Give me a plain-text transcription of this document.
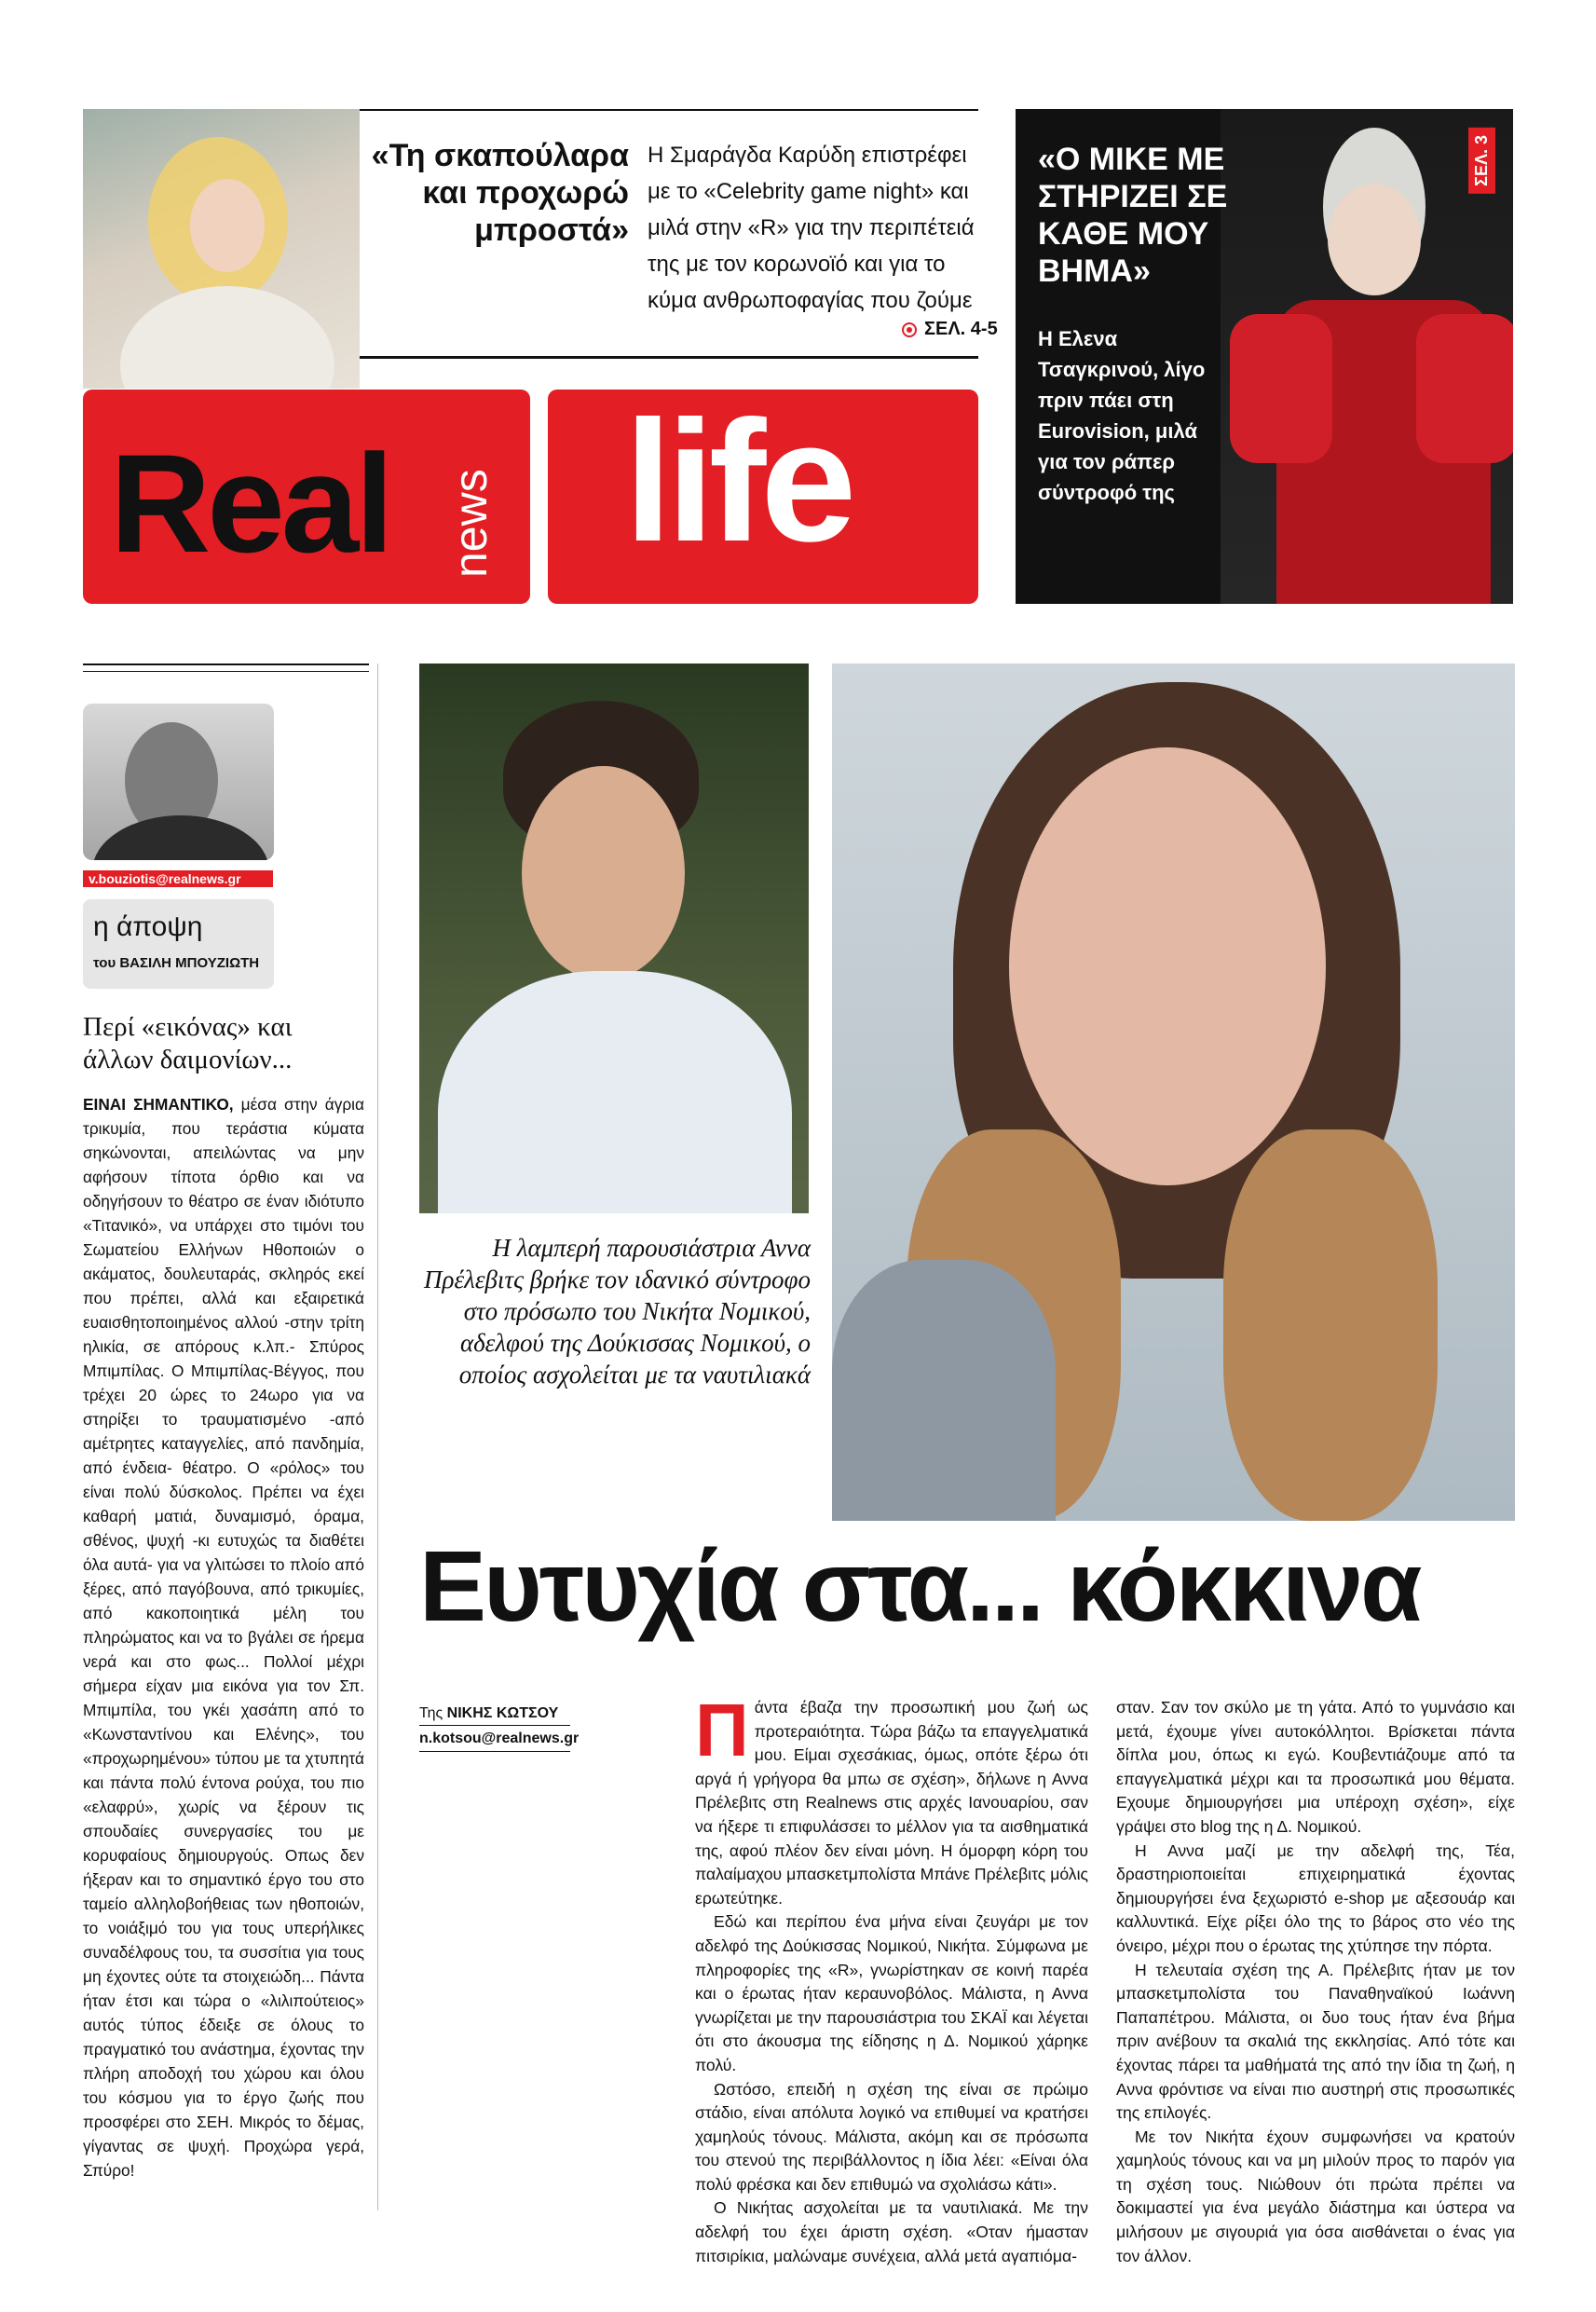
«Τη σκαπούλαρα και προχωρώ μπροστά»
Η Σμαράγδα Καρύδη επιστρέφει με το «Celebrity game night» και μιλά στην «R» για την περιπέτειά της με τον κορωνοϊό και για το κύμα ανθρωποφαγίας που ζούμε
ΣΕΛ. 4-5
Real news life
«Ο ΜΙΚΕ ΜΕ ΣΤΗΡΙΖΕΙ ΣΕ ΚΑΘΕ ΜΟΥ ΒΗΜΑ»
Η Ελενα Τσαγκρινού, λίγο πριν πάει στη Eurovision, μιλά για τον ράπερ σύντροφό της
ΣΕΛ. 3
v.bouziotis@realnews.gr
η άποψη
του ΒΑΣΙΛΗ ΜΠΟΥΖΙΩΤΗ
Περί «εικόνας» και άλλων δαιμονίων...
ΕΙΝΑΙ ΣΗΜΑΝΤΙΚΟ, μέσα στην άγρια τρικυμία, που τεράστια κύματα σηκώνονται, απειλώντας να μην αφήσουν τίποτα όρθιο και να οδηγήσουν το θέατρο σε έναν ιδιότυπο «Τιτανικό», να υπάρχει στο τιμόνι του Σωματείου Ελλήνων Ηθοποιών ο ακάματος, δουλευταράς, σκληρός εκεί που πρέπει, αλλά και εξαιρετικά ευαισθητοποιημένος αλλού -στην τρίτη ηλικία, σε απόρους κ.λπ.- Σπύρος Μπιμπίλας. Ο Μπιμπίλας-Βέγγος, που τρέχει 20 ώρες το 24ωρο για να στηρίξει το τραυματισμένο -από αμέτρητες καταγγελίες, από πανδημία, από ένδεια- θέατρο. Ο «ρόλος» του είναι πολύ δύσκολος. Πρέπει να έχει καθαρή ματιά, δυναμισμό, όραμα, σθένος, ψυχή -κι ευτυχώς τα διαθέτει όλα αυτά- για να γλιτώσει το πλοίο από ξέρες, από παγόβουνα, από τρικυμίες, από κακοποιητικά μέλη του πληρώματος και να το βγάλει σε ήρεμα νερά και στο φως... Πολλοί μέχρι σήμερα είχαν μια εικόνα για τον Σπ. Μπιμπίλα, του γκέι χασάπη από το «Κωνσταντίνου και Ελένης», του «προχωρημένου» τύπου με τα χτυπητά και πάντα πολύ έντονα ρούχα, του πιο «ελαφρύ», χωρίς να ξέρουν τις σπουδαίες συνεργασίες του με κορυφαίους δημιουργούς. Οπως δεν ήξεραν και το σημαντικό έργο του στο ταμείο αλληλοβοήθειας των ηθοποιών, το νοιάξιμό του για τους υπερήλικες συναδέλφους του, τα συσσίτια για τους μη έχοντες ούτε τα στοιχειώδη... Πάντα ήταν έτσι και τώρα ο «λιλιπούτειος» αυτός τύπος έδειξε σε όλους το πραγματικό του ανάστημα, έχοντας την πλήρη αποδοχή του χώρου και όλου του κόσμου για το έργο ζωής που προσφέρει στο ΣΕΗ. Μικρός το δέμας, γίγαντας σε ψυχή. Προχώρα γερά, Σπύρο!
Η λαμπερή παρουσιάστρια Αννα Πρέλεβιτς βρήκε τον ιδανικό σύντροφο στο πρόσωπο του Νικήτα Νομικού, αδελφού της Δούκισσας Νομικού, ο οποίος ασχολείται με τα ναυτιλιακά
Ευτυχία στα... κόκκινα
Της ΝΙΚΗΣ ΚΩΤΣΟΥ
n.kotsou@realnews.gr Π άντα έβαζα την προσωπική μου ζωή ως προτεραιότητα. Τώρα βάζω τα επαγγελματικά μου. Είμαι σχεσάκιας, όμως, οπότε ξέρω ότι αργά ή γρήγορα θα μπω σε σχέση», δήλωνε η Αννα Πρέλεβιτς στη Realnews στις αρχές Ιανουαρίου, σαν να ήξερε τι επιφυλάσσει το μέλλον για τα αισθηματικά της, αφού πλέον δεν είναι μόνη. Η όμορφη κόρη του παλαίμαχου μπασκετμπολίστα Μπάνε Πρέλεβιτς μόλις ερωτεύτηκε.

Εδώ και περίπου ένα μήνα είναι ζευγάρι με τον αδελφό της Δούκισσας Νομικού, Νικήτα. Σύμφωνα με πληροφορίες της «R», γνωρίστηκαν σε κοινή παρέα και ο έρωτας ήταν κεραυνοβόλος. Μάλιστα, η Αννα γνωρίζεται με την παρουσιάστρια του ΣΚΑΪ και λέγεται ότι στο άκουσμα της είδησης η Δ. Νομικού χάρηκε πολύ.

Ωστόσο, επειδή η σχέση της είναι σε πρώιμο στάδιο, είναι απόλυτα λογικό να επιθυμεί να κρατήσει χαμηλούς τόνους. Μάλιστα, ακόμη και σε πρόσωπα του στενού της περιβάλλοντος η ίδια λέει: «Είναι όλα πολύ φρέσκα και δεν επιθυμώ να σχολιάσω κάτι».

Ο Νικήτας ασχολείται με τα ναυτιλιακά. Με την αδελφή του έχει άριστη σχέση. «Οταν ήμασταν πιτσιρίκια, μαλώναμε συνέχεια, αλλά μετά αγαπιόμα-

σταν. Σαν τον σκύλο με τη γάτα. Από το γυμνάσιο και μετά, έχουμε γίνει αυτοκόλλητοι. Βρίσκεται πάντα δίπλα μου, όπως κι εγώ. Κουβεντιάζουμε από τα επαγγελματικά μέχρι και τα προσωπικά μου θέματα. Εχουμε δημιουργήσει μια υπέροχη σχέση», είχε γράψει στο blog της η Δ. Νομικού.

Η Αννα μαζί με την αδελφή της, Τέα, δραστηριοποιείται επιχειρηματικά έχοντας δημιουργήσει ένα ξεχωριστό e-shop με αξεσουάρ και καλλυντικά. Είχε ρίξει όλο της το βάρος στο νέο της όνειρο, μέχρι που ο έρωτας της χτύπησε την πόρτα.

Η τελευταία σχέση της Α. Πρέλεβιτς ήταν με τον μπασκετμπολίστα του Παναθηναϊκού Ιωάννη Παπαπέτρου. Μάλιστα, οι δυο τους ήταν ένα βήμα πριν ανέβουν τα σκαλιά της εκκλησίας. Από τότε και έχοντας πάρει τα μαθήματά της από την ίδια τη ζωή, η Αννα φρόντισε να είναι πιο αυστηρή στις προσωπικές της επιλογές.

Με τον Νικήτα έχουν συμφωνήσει να κρατούν χαμηλούς τόνους και να μη μιλούν προς το παρόν για τη σχέση τους. Νιώθουν ότι πρώτα πρέπει να δοκιμαστεί για ένα μεγάλο διάστημα και ύστερα να μιλήσουν με σιγουριά για όσα αισθάνεται ο ένας για τον άλλον.
